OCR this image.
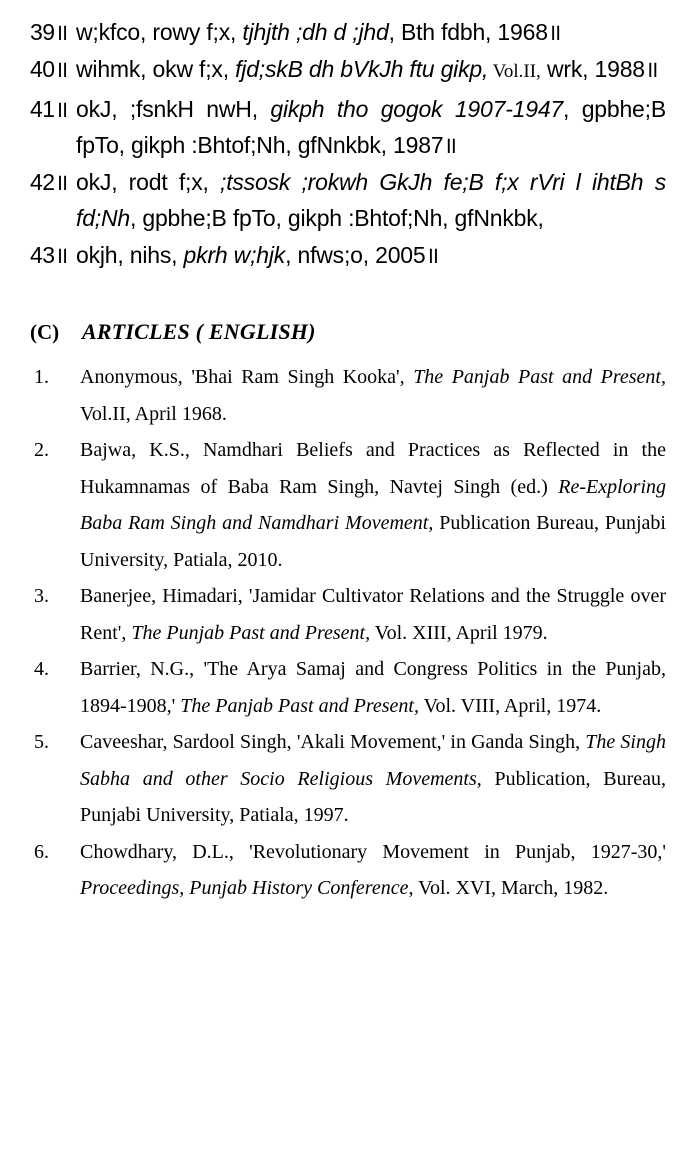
39॥ w;kfco, rowy f;x, tjhjth ;dh d ;jhd, Bth fdbh, 1968॥
40॥ wihmk, okw f;x, fjd;skB dh bVkJh ftu gikp, Vol.II, wrk, 1988॥
41॥ okJ, ;fsnkH nwH, gikph tho gogok 1907-1947, gpbhe;B fpTo, gikph :Bhtof;Nh, gfNnkbk, 1987॥
42॥ okJ, rodt f;x, ;tssosk ;rokwh GkJh fe;B f;x rVri l ihtBh s fd;Nh, gpbhe;B fpTo, gikph :Bhtof;Nh, gfNnkbk,
43॥ okjh, nihs, pkrh w;hjk, nfws;o, 2005॥
(C)	ARTICLES ( ENGLISH)
1.	Anonymous, 'Bhai Ram Singh Kooka', The Panjab Past and Present, Vol.II, April 1968.
2.	Bajwa, K.S., Namdhari Beliefs and Practices as Reflected in the Hukamnamas of Baba Ram Singh, Navtej Singh (ed.) Re-Exploring Baba Ram Singh and Namdhari Movement, Publication Bureau, Punjabi University, Patiala, 2010.
3.	Banerjee, Himadari, 'Jamidar Cultivator Relations and the Struggle over Rent', The Punjab Past and Present, Vol. XIII, April 1979.
4.	Barrier, N.G., 'The Arya Samaj and Congress Politics in the Punjab, 1894-1908,' The Panjab Past and Present, Vol. VIII, April, 1974.
5.	Caveeshar, Sardool Singh, 'Akali Movement,' in Ganda Singh, The Singh Sabha and other Socio Religious Movements, Publication, Bureau, Punjabi University, Patiala, 1997.
6.	Chowdhary, D.L., 'Revolutionary Movement in Punjab, 1927-30,' Proceedings, Punjab History Conference, Vol. XVI, March, 1982.
